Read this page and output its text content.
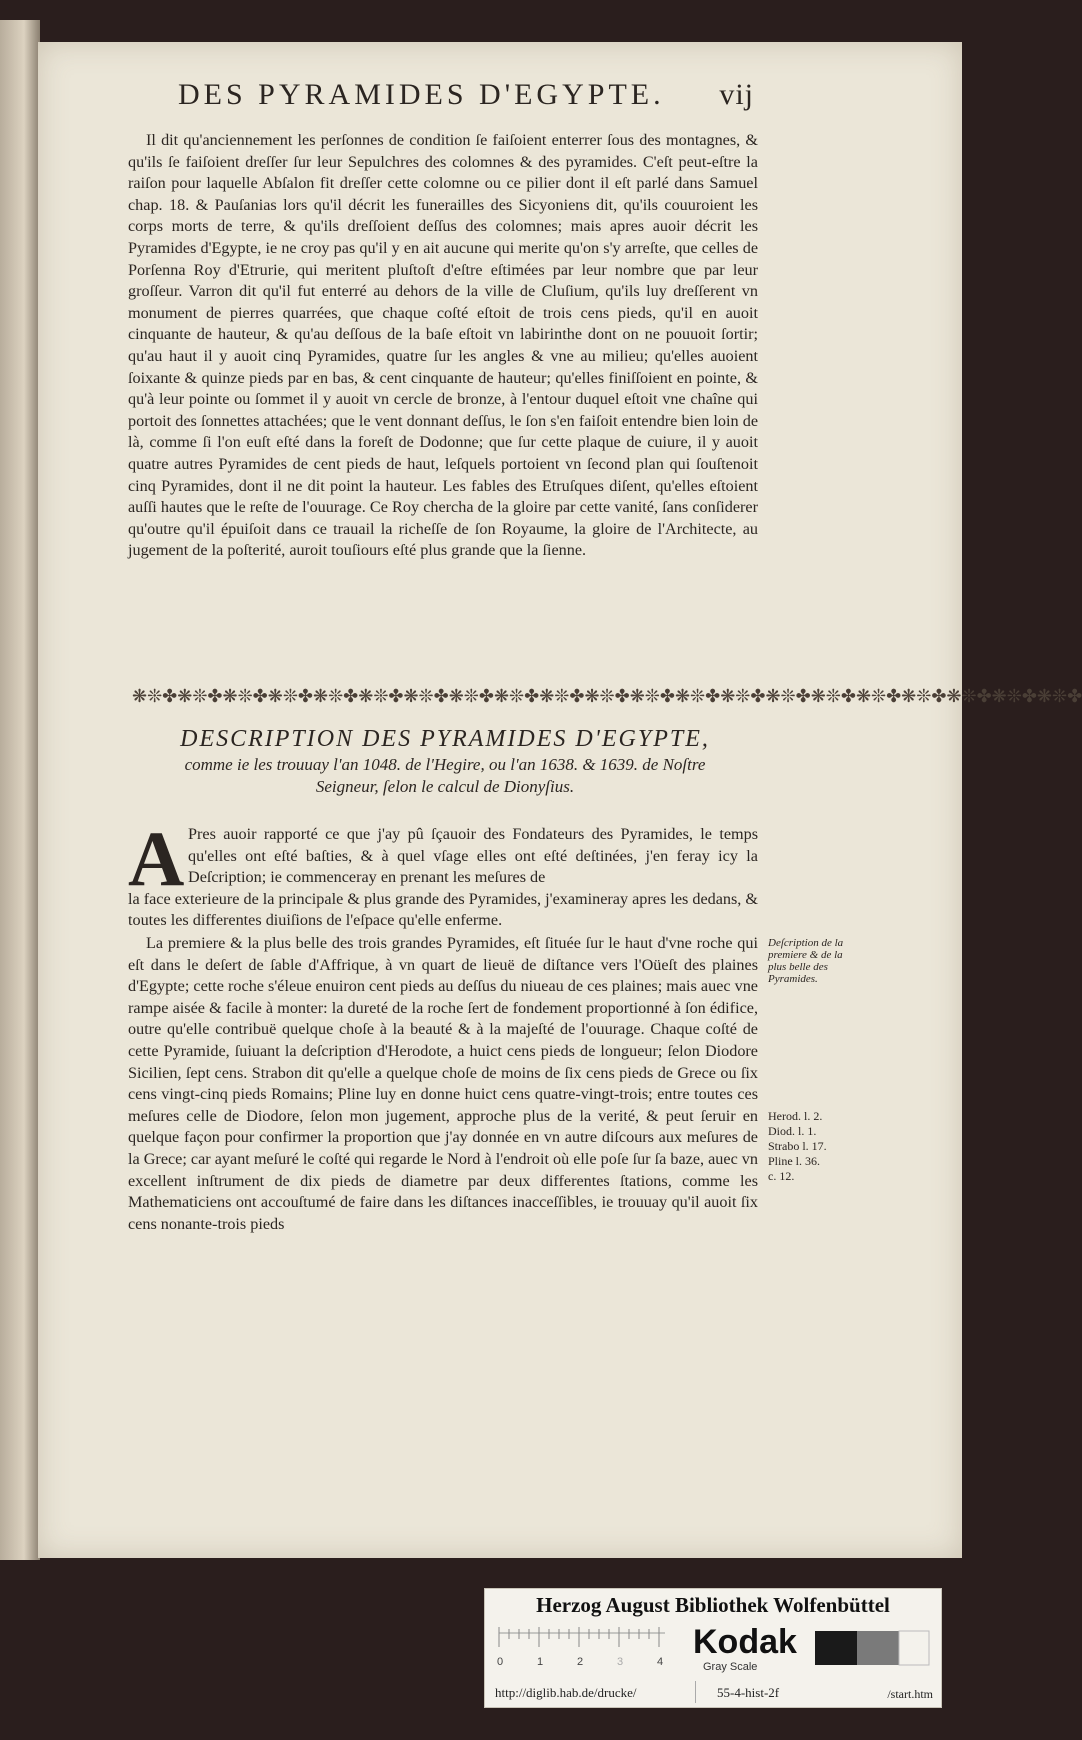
DES PYRAMIDES D'EGYPTE. vij
Il dit qu'anciennement les perſonnes de condition ſe faiſoient enterrer ſous des montagnes, & qu'ils ſe faiſoient dreſſer ſur leur Sepulchres des colomnes & des pyramides. C'eſt peut-eſtre la raiſon pour laquelle Abſalon fit dreſſer cette colomne ou ce pilier dont il eſt parlé dans Samuel chap. 18. & Pauſanias lors qu'il décrit les funerailles des Sicyoniens dit, qu'ils couuroient les corps morts de terre, & qu'ils dreſſoient deſſus des colomnes; mais apres auoir décrit les Pyramides d'Egypte, ie ne croy pas qu'il y en ait aucune qui merite qu'on s'y arreſte, que celles de Porſenna Roy d'Etrurie, qui meritent pluſtoſt d'eſtre eſtimées par leur nombre que par leur groſſeur. Varron dit qu'il fut enterré au dehors de la ville de Cluſium, qu'ils luy dreſſerent vn monument de pierres quarrées, que chaque coſté eſtoit de trois cens pieds, qu'il en auoit cinquante de hauteur, & qu'au deſſous de la baſe eſtoit vn labirinthe dont on ne pouuoit ſortir; qu'au haut il y auoit cinq Pyramides, quatre ſur les angles & vne au milieu; qu'elles auoient ſoixante & quinze pieds par en bas, & cent cinquante de hauteur; qu'elles finiſſoient en pointe, & qu'à leur pointe ou ſommet il y auoit vn cercle de bronze, à l'entour duquel eſtoit vne chaîne qui portoit des ſonnettes attachées; que le vent donnant deſſus, le ſon s'en faiſoit entendre bien loin de là, comme ſi l'on euſt eſté dans la foreſt de Dodonne; que ſur cette plaque de cuiure, il y auoit quatre autres Pyramides de cent pieds de haut, leſquels portoient vn ſecond plan qui ſouſtenoit cinq Pyramides, dont il ne dit point la hauteur. Les fables des Etruſques diſent, qu'elles eſtoient auſſi hautes que le reſte de l'ouurage. Ce Roy chercha de la gloire par cette vanité, ſans conſiderer qu'outre qu'il épuiſoit dans ce trauail la richeſſe de ſon Royaume, la gloire de l'Architecte, au jugement de la poſterité, auroit touſiours eſté plus grande que la ſienne.
❋❊✤❋❊✤❋❊✤❋❊✤❋❊✤❋❊✤❋❊✤❋❊✤❋❊✤❋❊✤❋❊✤❋❊✤❋❊✤❋❊✤❋❊✤❋❊✤❋❊✤❋❊✤❋❊✤❋❊✤❋❊✤
DESCRIPTION DES PYRAMIDES D'EGYPTE,
comme ie les trouuay l'an 1048. de l'Hegire, ou l'an 1638. & 1639. de Noſtre
Seigneur, ſelon le calcul de Dionyſius.
A Pres auoir rapporté ce que j'ay pû ſçauoir des Fondateurs des Pyramides, le temps qu'elles ont eſté baſties, & à quel vſage elles ont eſté deſtinées, j'en feray icy la Deſcription; ie commenceray en prenant les meſures de
la face exterieure de la principale & plus grande des Pyramides, j'examineray apres les dedans, & toutes les differentes diuiſions de l'eſpace qu'elle enferme.
La premiere & la plus belle des trois grandes Pyramides, eſt ſituée ſur le haut d'vne roche qui eſt dans le deſert de ſable d'Affrique, à vn quart de lieuë de diſtance vers l'Oüeſt des plaines d'Egypte; cette roche s'éleue enuiron cent pieds au deſſus du niueau de ces plaines; mais auec vne rampe aisée & facile à monter: la dureté de la roche ſert de fondement proportionné à ſon édifice, outre qu'elle contribuë quelque choſe à la beauté & à la majeſté de l'ouurage. Chaque coſté de cette Pyramide, ſuiuant la deſcription d'Herodote, a huict cens pieds de longueur; ſelon Diodore Sicilien, ſept cens. Strabon dit qu'elle a quelque choſe de moins de ſix cens pieds de Grece ou ſix cens vingt-cinq pieds Romains; Pline luy en donne huict cens quatre-vingt-trois; entre toutes ces meſures celle de Diodore, ſelon mon jugement, approche plus de la verité, & peut ſeruir en quelque façon pour confirmer la proportion que j'ay donnée en vn autre diſcours aux meſures de la Grece; car ayant meſuré le coſté qui regarde le Nord à l'endroit où elle poſe ſur ſa baze, auec vn excellent inſtrument de dix pieds de diametre par deux differentes ſtations, comme les Mathematiciens ont accouſtumé de faire dans les diſtances inacceſſibles, ie trouuay qu'il auoit ſix cens nonante-trois pieds
Deſcription de la premiere & de la plus belle des Pyramides.
Herod. l. 2.
Diod. l. 1.
Strabo l. 17.
Pline l. 36.
c. 12.
Herzog August Bibliothek Wolfenbüttel
0	1	2	3	4
Kodak
Gray Scale
http://diglib.hab.de/drucke/	55-4-hist-2f	/start.htm
